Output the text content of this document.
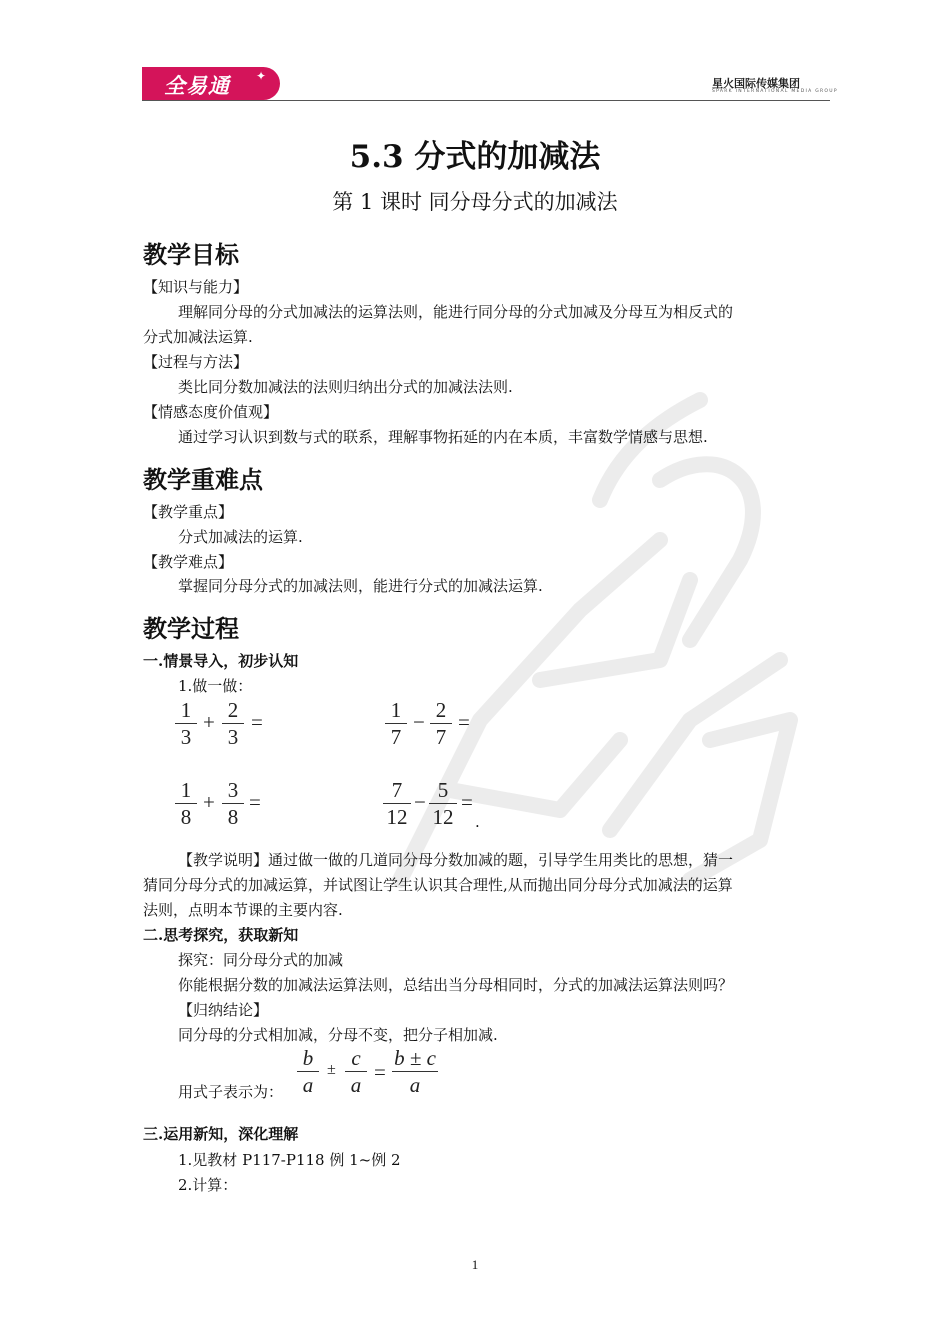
全易通 ✦
星火国际传媒集团
SPARK INTERNATIONAL MEDIA GROUP
5.3 分式的加减法
第 1 课时 同分母分式的加减法
教学目标
【知识与能力】
理解同分母的分式加减法的运算法则，能进行同分母的分式加减及分母互为相反式的
分式加减法运算.
【过程与方法】
类比同分数加减法的法则归纳出分式的加减法法则.
【情感态度价值观】
通过学习认识到数与式的联系，理解事物拓延的内在本质，丰富数学情感与思想.
教学重难点
【教学重点】
分式加减法的运算.
【教学难点】
掌握同分母分式的加减法则，能进行分式的加减法运算.
教学过程
一.情景导入，初步认知
1.做一做：
1
3
+ 2
3
=	1
7
− 2
7
=
1
8
+ 3
8
=	7
12
− 5
12
=
.
【教学说明】通过做一做的几道同分母分数加减的题，引导学生用类比的思想，猜一
猜同分母分式的加减运算，并试图让学生认识其合理性,从而抛出同分母分式加减法的运算
法则，点明本节课的主要内容.
二.思考探究，获取新知
探究：同分母分式的加减
你能根据分数的加减法运算法则，总结出当分母相同时，分式的加减法运算法则吗？
【归纳结论】
同分母的分式相加减，分母不变，把分子相加减.
用式子表示为：
b
a
± c
a
=
b ± c
a
三.运用新知，深化理解
1.见教材 P117-P118 例 1~例 2
2.计算：
1
